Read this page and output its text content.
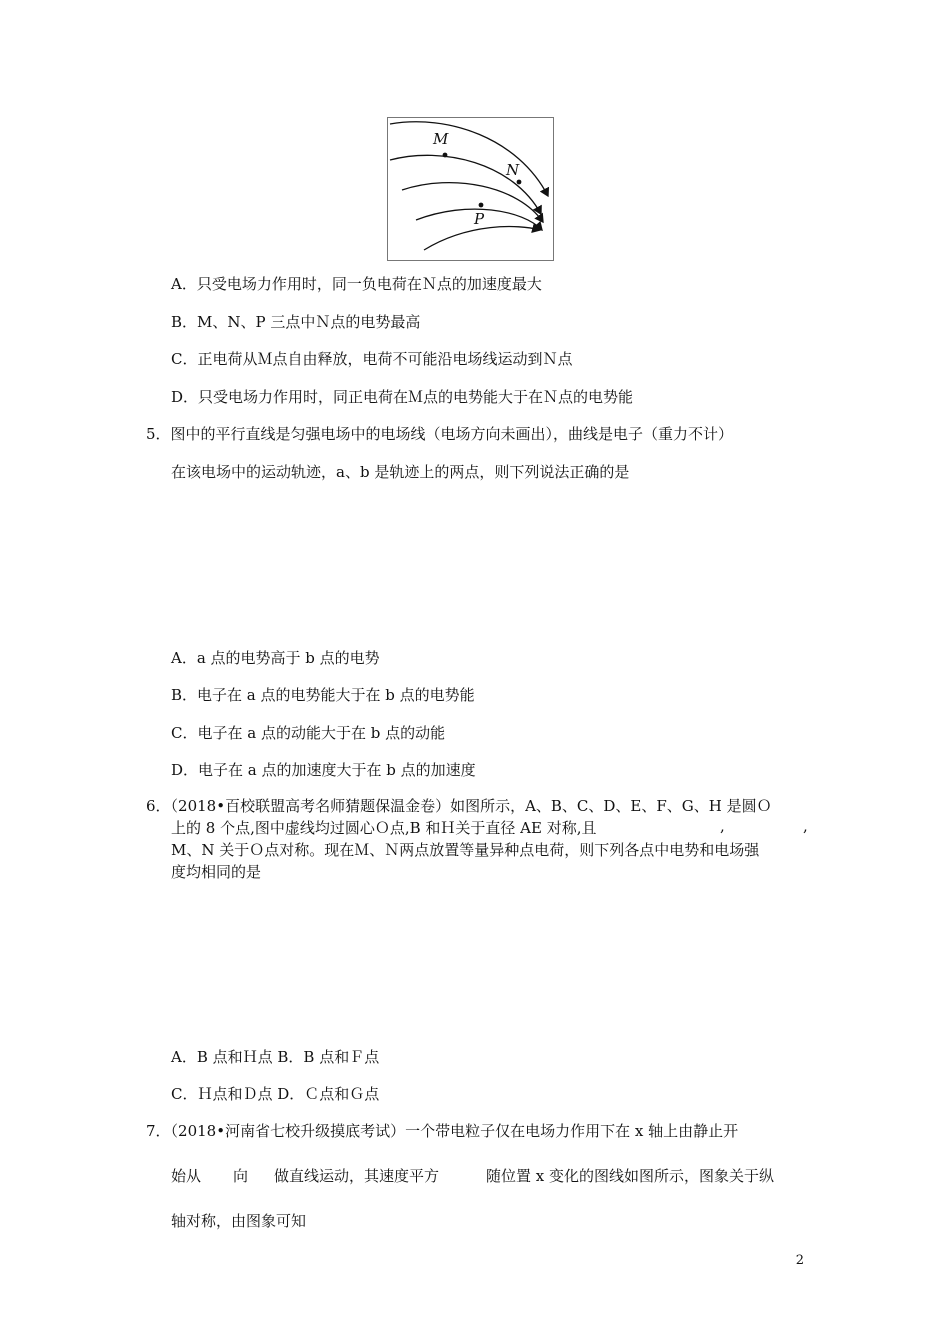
M
N
P
A．只受电场力作用时，同一负电荷在Ｎ点的加速度最大
B．M、N、P 三点中Ｎ点的电势最高
C．正电荷从Ｍ点自由释放，电荷不可能沿电场线运动到Ｎ点
D．只受电场力作用时，同正电荷在Ｍ点的电势能大于在Ｎ点的电势能
5．图中的平行直线是匀强电场中的电场线（电场方向未画出），曲线是电子（重力不计）
在该电场中的运动轨迹，a、b 是轨迹上的两点，则下列说法正确的是
A．a 点的电势高于 b 点的电势
B．电子在 a 点的电势能大于在 b 点的电势能
C．电子在 a 点的动能大于在 b 点的动能
D．电子在 a 点的加速度大于在 b 点的加速度
6．（2018•百校联盟高考名师猜题保温金卷）如图所示，A、B、C、D、E、F、G、H 是圆Ｏ
上的 8 个点,图中虚线均过圆心Ｏ点,B 和Ｈ关于直径 AE 对称,且	,	,
M、N 关于Ｏ点对称。现在Ｍ、Ｎ两点放置等量异种点电荷，则下列各点中电势和电场强
度均相同的是
A．B 点和Ｈ点 B．B 点和Ｆ点
C．Ｈ点和Ｄ点 D．Ｃ点和Ｇ点
7．（2018•河南省七校升级摸底考试）一个带电粒子仅在电场力作用下在 x 轴上由静止开
始从 向 做直线运动，其速度平方	随位置 x 变化的图线如图所示，图象关于纵
轴对称，由图象可知
2
